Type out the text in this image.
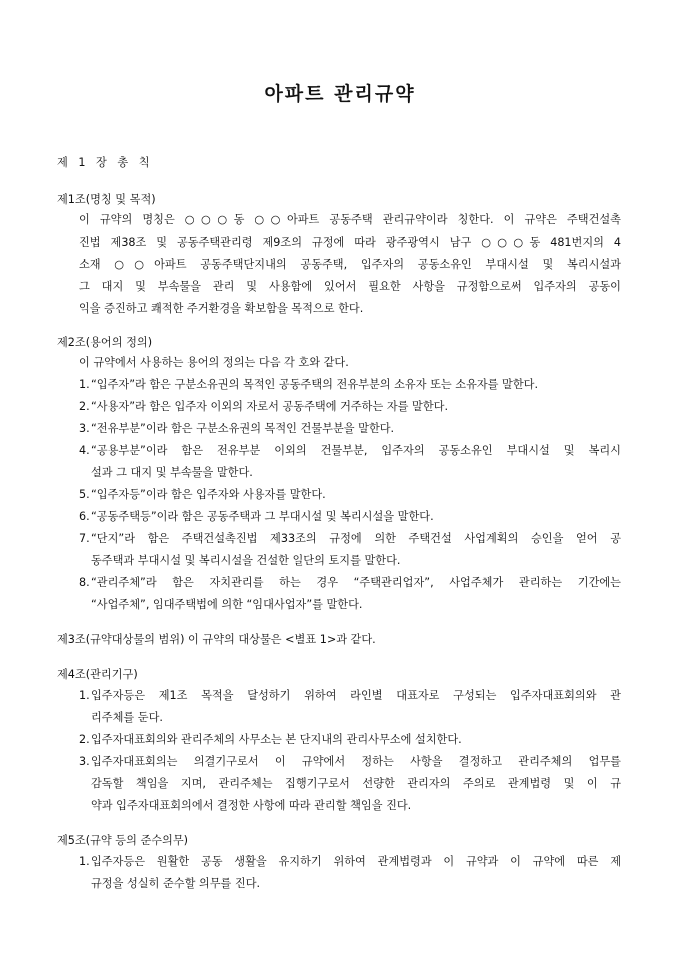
아파트 관리규약

제 1 장 총 칙

제1조(명칭 및 목적)

이 규약의 명칭은 ○○○동 ○○아파트 공동주택 관리규약이라 칭한다. 이 규약은 주택건설촉

진법 제38조 및 공동주택관리령 제9조의 규정에 따라 광주광역시 남구 ○○○동 481번지의 4

소재 ○○아파트 공동주택단지내의 공동주택, 입주자의 공동소유인 부대시설 및 복리시설과

그 대지 및 부속물을 관리 및 사용함에 있어서 필요한 사항을 규정함으로써 입주자의 공동이

익을 증진하고 쾌적한 주거환경을 확보함을 목적으로 한다.

제2조(용어의 정의)

이 규약에서 사용하는 용어의 정의는 다음 각 호와 같다.

1. “입주자”라 함은 구분소유권의 목적인 공동주택의 전유부분의 소유자 또는 소유자를 말한다.

2. “사용자”라 함은 입주자 이외의 자로서 공동주택에 거주하는 자를 말한다.

3. “전유부분”이라 함은 구분소유권의 목적인 건물부분을 말한다.

4. “공용부분”이라 함은 전유부분 이외의 건물부분, 입주자의 공동소유인 부대시설 및 복리시

설과 그 대지 및 부속물을 말한다.

5. “입주자등”이라 함은 입주자와 사용자를 말한다.

6. “공동주택등”이라 함은 공동주택과 그 부대시설 및 복리시설을 말한다.

7. “단지”라 함은 주택건설촉진법 제33조의 규정에 의한 주택건설 사업계획의 승인을 얻어 공

동주택과 부대시설 및 복리시설을 건설한 일단의 토지를 말한다.

8. “관리주체”라 함은 자치관리를 하는 경우 “주택관리업자”, 사업주체가 관리하는 기간에는

“사업주체”, 임대주택법에 의한 “임대사업자”를 말한다.

제3조(규약대상물의 범위) 이 규약의 대상물은 <별표 1>과 같다.

제4조(관리기구)

1. 입주자등은 제1조 목적을 달성하기 위하여 라인별 대표자로 구성되는 입주자대표회의와 관

리주체를 둔다.

2. 입주자대표회의와 관리주체의 사무소는 본 단지내의 관리사무소에 설치한다.

3. 입주자대표회의는 의결기구로서 이 규약에서 정하는 사항을 결정하고 관리주체의 업무를

감독할 책임을 지며, 관리주체는 집행기구로서 선량한 관리자의 주의로 관계법령 및 이 규

약과 입주자대표회의에서 결정한 사항에 따라 관리할 책임을 진다.

제5조(규약 등의 준수의무)

1. 입주자등은 원활한 공동 생활을 유지하기 위하여 관계법령과 이 규약과 이 규약에 따른 제

규정을 성실히 준수할 의무를 진다.
